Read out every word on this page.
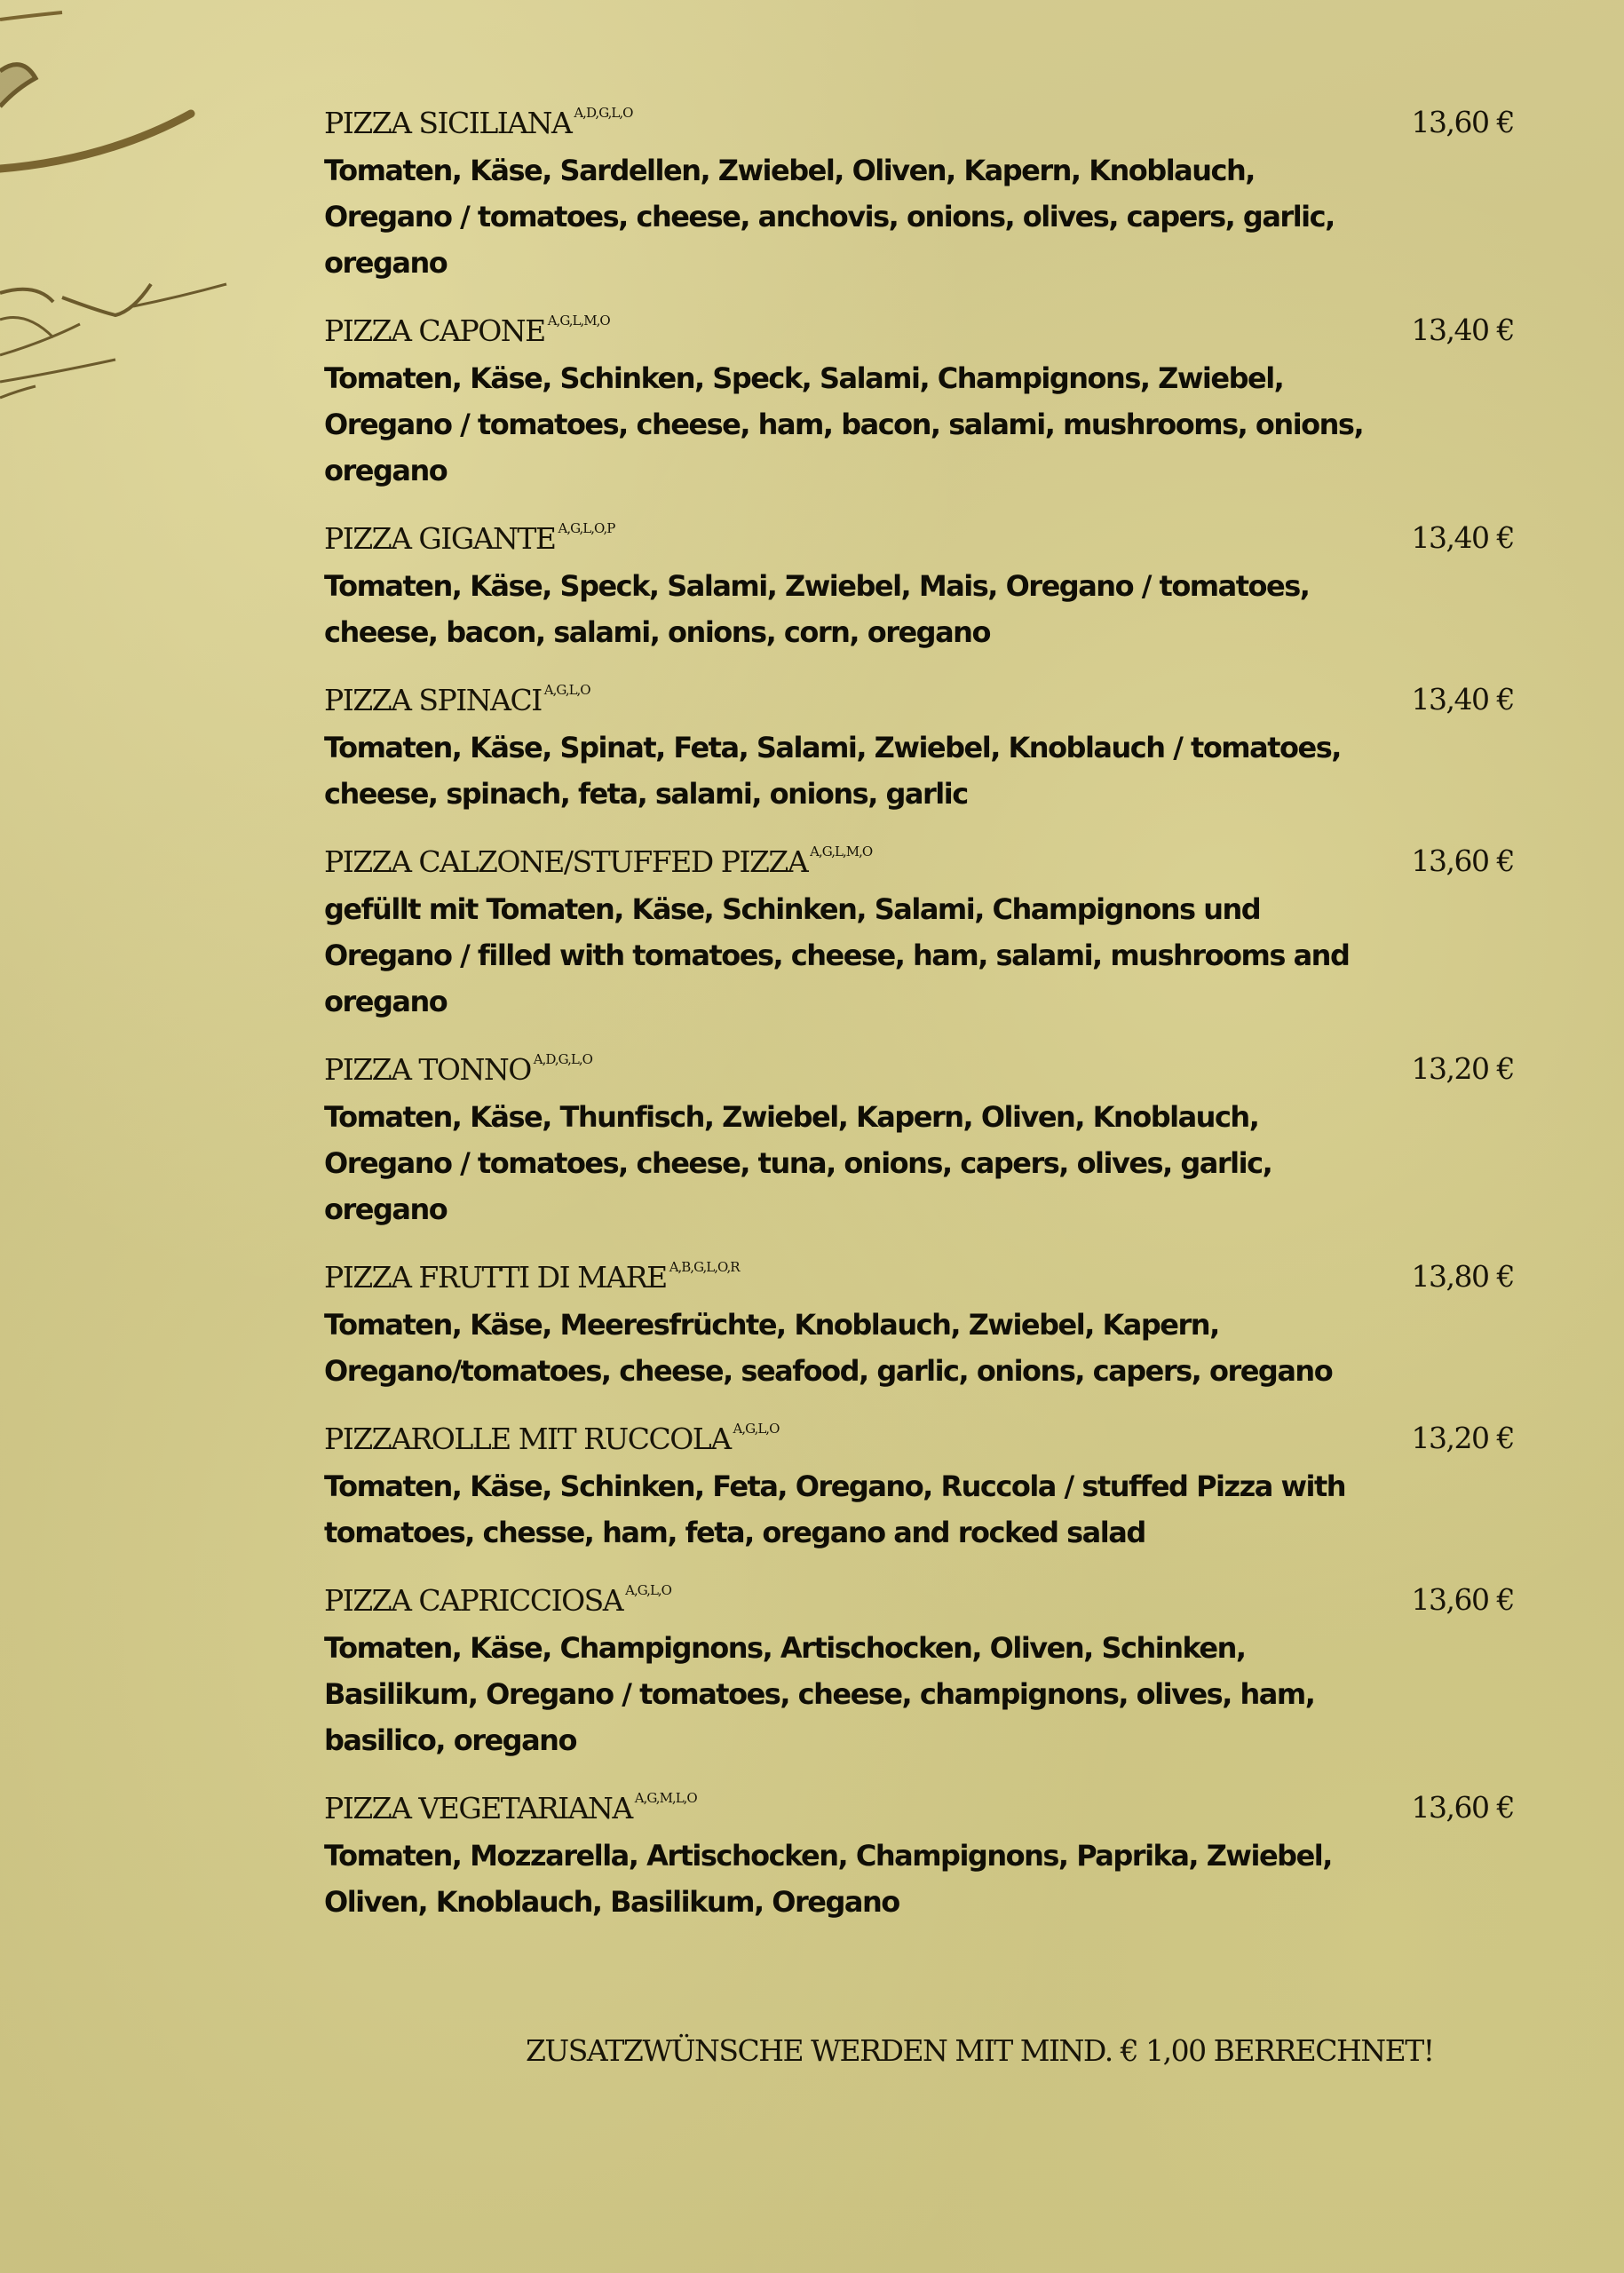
PIZZA SICILIANA $^{A,D,G,L,O}$	13,60 €
Tomaten, Käse, Sardellen, Zwiebel, Oliven, Kapern, Knoblauch, Oregano / tomatoes, cheese, anchovis, onions, olives, capers, garlic, oregano
PIZZA CAPONE $^{A,G,L,M,O}$	13,40 €
Tomaten, Käse, Schinken, Speck, Salami, Champignons, Zwiebel, Oregano / tomatoes, cheese, ham, bacon, salami, mushrooms, onions, oregano
PIZZA GIGANTE $^{A,G,L,O,P}$	13,40 €
Tomaten, Käse, Speck, Salami, Zwiebel, Mais, Oregano / tomatoes, cheese, bacon, salami, onions, corn, oregano
PIZZA SPINACI $^{A,G,L,O}$	13,40 €
Tomaten, Käse, Spinat, Feta, Salami, Zwiebel, Knoblauch / tomatoes, cheese, spinach, feta, salami, onions, garlic
PIZZA CALZONE/STUFFED PIZZA $^{A,G,L,M,O}$	13,60 €
gefüllt mit Tomaten, Käse, Schinken, Salami, Champignons und Oregano / filled with tomatoes, cheese, ham, salami, mushrooms and oregano
PIZZA TONNO $^{A,D,G,L,O}$	13,20 €
Tomaten, Käse, Thunfisch, Zwiebel, Kapern, Oliven, Knoblauch, Oregano / tomatoes, cheese, tuna, onions, capers, olives, garlic, oregano
PIZZA FRUTTI DI MARE $^{A,B,G,L,O,R}$	13,80 €
Tomaten, Käse, Meeresfrüchte, Knoblauch, Zwiebel, Kapern, Oregano/tomatoes, cheese, seafood, garlic, onions, capers, oregano
PIZZAROLLE MIT RUCCOLA $^{A,G,L,O}$	13,20 €
Tomaten, Käse, Schinken, Feta, Oregano, Ruccola / stuffed Pizza with tomatoes, chesse, ham, feta, oregano and rocked salad
PIZZA CAPRICCIOSA $^{A,G,L,O}$	13,60 €
Tomaten, Käse, Champignons, Artischocken, Oliven, Schinken, Basilikum, Oregano / tomatoes, cheese, champignons, olives, ham, basilico, oregano
PIZZA VEGETARIANA $^{A,G,M,L,O}$	13,60 €
Tomaten, Mozzarella, Artischocken, Champignons, Paprika, Zwiebel, Oliven, Knoblauch, Basilikum, Oregano
ZUSATZWÜNSCHE WERDEN MIT MIND. € 1,00 BERRECHNET!
